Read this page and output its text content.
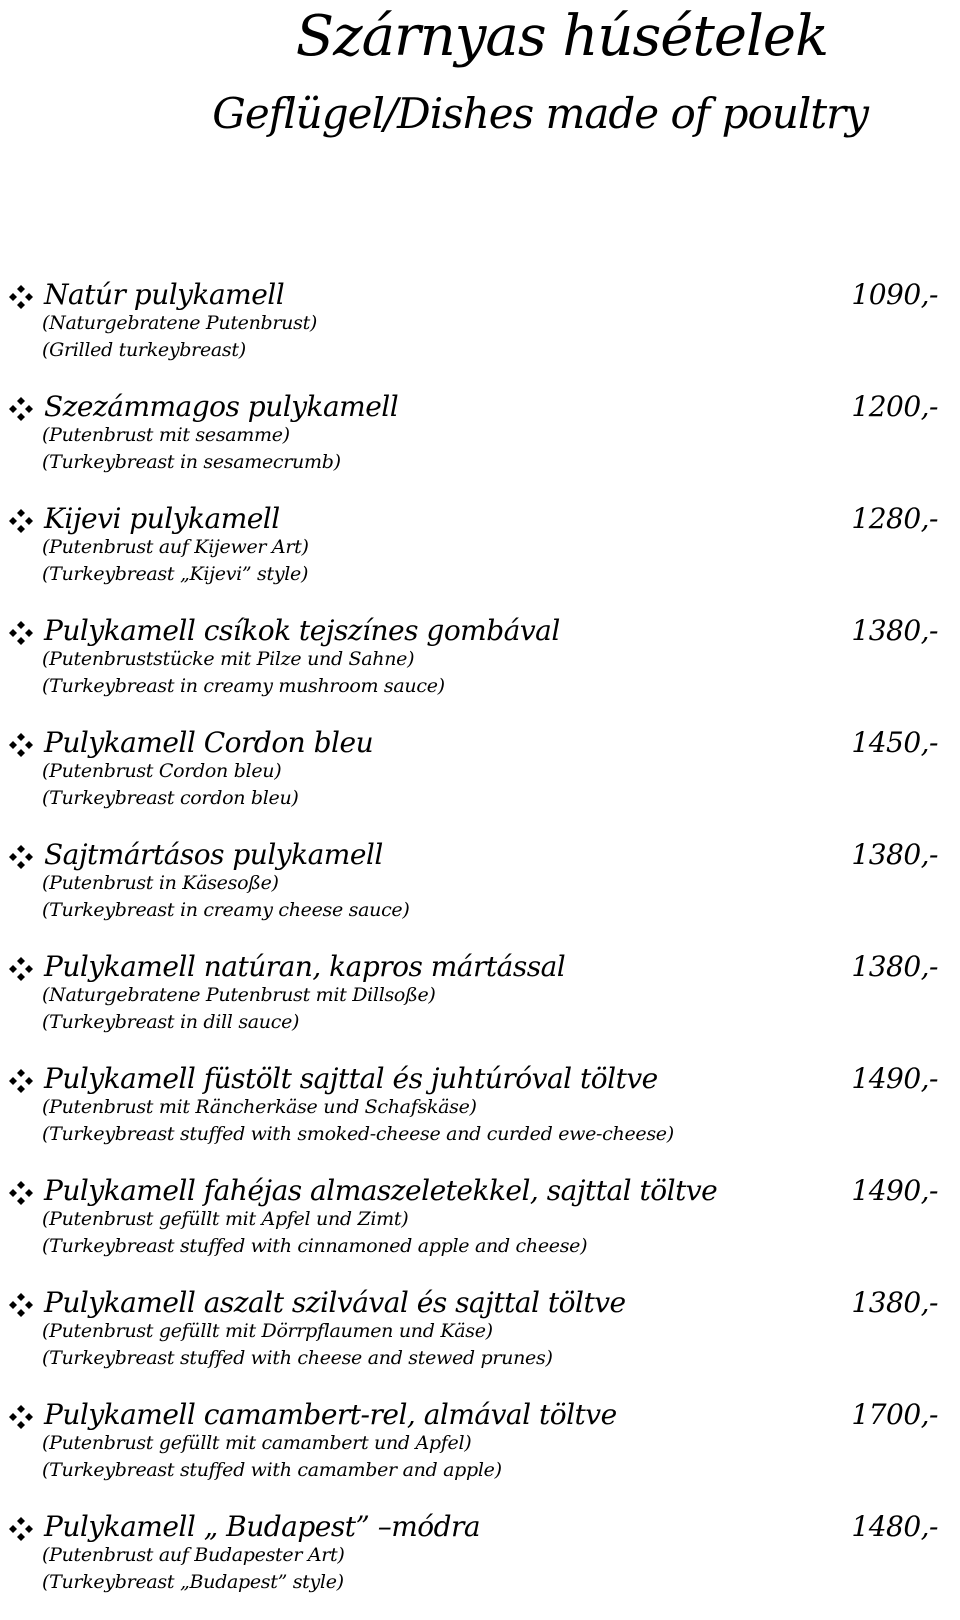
Szárnyas húsételek
Geflügel/Dishes made of poultry
Natúr pulykamell	1090,-
(Naturgebratene Putenbrust)
(Grilled turkeybreast)
Szezámmagos pulykamell	1200,-
(Putenbrust mit sesamme)
(Turkeybreast in sesamecrumb)
Kijevi pulykamell	1280,-
(Putenbrust auf Kijewer Art)
(Turkeybreast „Kijevi” style)
Pulykamell csíkok tejszínes gombával	1380,-
(Putenbruststücke mit Pilze und Sahne)
(Turkeybreast in creamy mushroom sauce)
Pulykamell Cordon bleu	1450,-
(Putenbrust Cordon bleu)
(Turkeybreast cordon bleu)
Sajtmártásos pulykamell	1380,-
(Putenbrust in Käsesoße)
(Turkeybreast in creamy cheese sauce)
Pulykamell natúran, kapros mártással	1380,-
(Naturgebratene Putenbrust mit Dillsoße)
(Turkeybreast in dill sauce)
Pulykamell füstölt sajttal és juhtúróval töltve	1490,-
(Putenbrust mit Räncherkäse und Schafskäse)
(Turkeybreast stuffed with smoked-cheese and curded ewe-cheese)
Pulykamell fahéjas almaszeletekkel, sajttal töltve	1490,-
(Putenbrust gefüllt mit Apfel und Zimt)
(Turkeybreast stuffed with cinnamoned apple and cheese)
Pulykamell aszalt szilvával és sajttal töltve	1380,-
(Putenbrust gefüllt mit Dörrpflaumen und Käse)
(Turkeybreast stuffed with cheese and stewed prunes)
Pulykamell camambert-rel, almával töltve	1700,-
(Putenbrust gefüllt mit camambert und Apfel)
(Turkeybreast stuffed with camamber and apple)
Pulykamell „ Budapest” –módra	1480,-
(Putenbrust auf Budapester Art)
(Turkeybreast „Budapest” style)
